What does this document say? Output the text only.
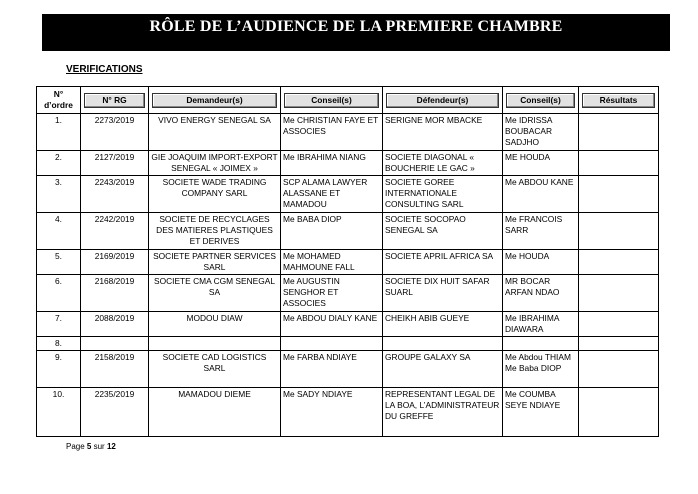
RÔLE DE L’AUDIENCE DE LA PREMIERE CHAMBRE
VERIFICATIONS
N°
d’ordre	N° RG	Demandeur(s)	Conseil(s)	Défendeur(s)	Conseil(s)	Résultats

1.	2273/2019	VIVO ENERGY SENEGAL SA	Me CHRISTIAN FAYE ET ASSOCIES	SERIGNE MOR MBACKE	Me IDRISSA BOUBACAR SADJHO	
2.	2127/2019	GIE JOAQUIM IMPORT-EXPORT SENEGAL « JOIMEX »	Me IBRAHIMA NIANG	SOCIETE DIAGONAL « BOUCHERIE LE GAC »	ME HOUDA	
3.	2243/2019	SOCIETE WADE TRADING COMPANY SARL	SCP ALAMA LAWYER ALASSANE ET MAMADOU	SOCIETE GOREE INTERNATIONALE CONSULTING SARL	Me ABDOU KANE	
4.	2242/2019	SOCIETE DE RECYCLAGES DES MATIERES PLASTIQUES ET DERIVES	Me BABA DIOP	SOCIETE SOCOPAO SENEGAL SA	Me FRANCOIS SARR	
5.	2169/2019	SOCIETE PARTNER SERVICES SARL	Me MOHAMED MAHMOUNE FALL	SOCIETE APRIL AFRICA SA	Me HOUDA	
6.	2168/2019	SOCIETE CMA CGM SENEGAL SA	Me AUGUSTIN SENGHOR ET ASSOCIES	SOCIETE DIX HUIT SAFAR SUARL	MR BOCAR ARFAN NDAO	
7.	2088/2019	MODOU DIAW	Me ABDOU DIALY KANE	CHEIKH ABIB GUEYE	Me IBRAHIMA DIAWARA	
8.						
9.	2158/2019	SOCIETE CAD LOGISTICS SARL	Me FARBA NDIAYE	GROUPE GALAXY SA	Me Abdou THIAM
Me Baba DIOP	
10.	2235/2019	MAMADOU DIEME	Me SADY NDIAYE	REPRESENTANT LEGAL DE LA BOA, L’ADMINISTRATEUR DU GREFFE	Me COUMBA SEYE NDIAYE	
Page 5 sur 12
